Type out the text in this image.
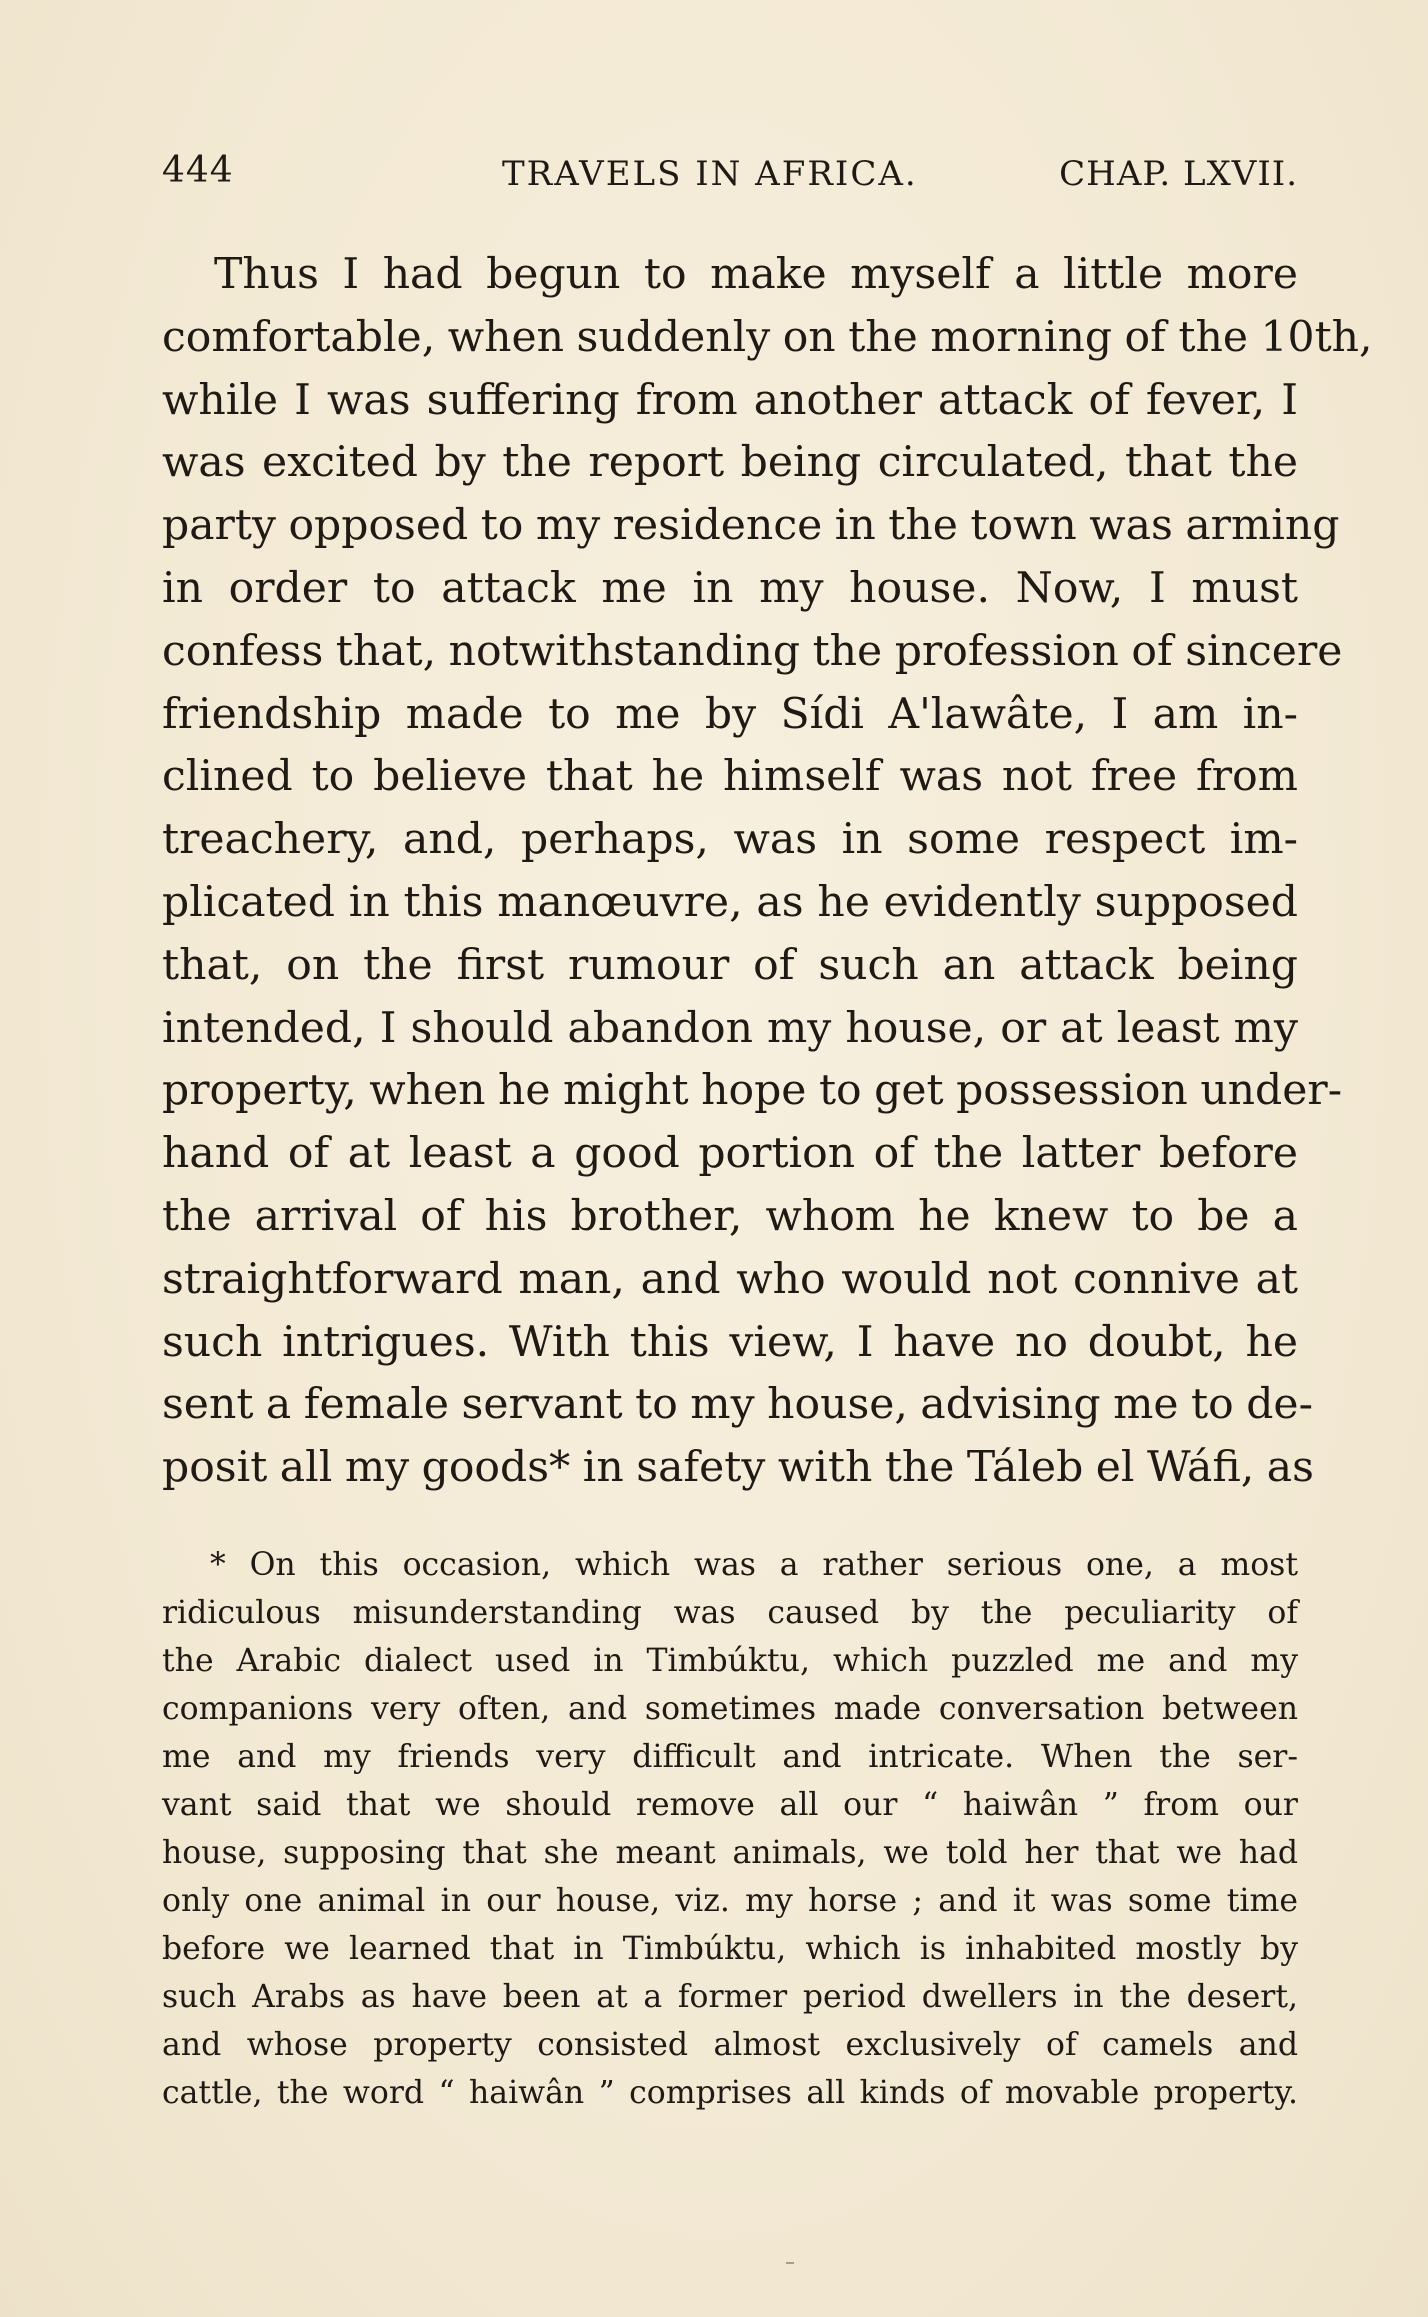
444	TRAVELS IN AFRICA.	CHAP. LXVII.
Thus I had begun to make myself a little more
comfortable, when suddenly on the morning of the 10th,
while I was suffering from another attack of fever, I
was excited by the report being circulated, that the
party opposed to my residence in the town was arming
in order to attack me in my house. Now, I must
confess that, notwithstanding the profession of sincere
friendship made to me by Sídi A'lawâte, I am in-
clined to believe that he himself was not free from
treachery, and, perhaps, was in some respect im-
plicated in this manœuvre, as he evidently supposed
that, on the first rumour of such an attack being
intended, I should abandon my house, or at least my
property, when he might hope to get possession under-
hand of at least a good portion of the latter before
the arrival of his brother, whom he knew to be a
straightforward man, and who would not connive at
such intrigues. With this view, I have no doubt, he
sent a female servant to my house, advising me to de-
posit all my goods* in safety with the Táleb el Wáfi, as
* On this occasion, which was a rather serious one, a most
ridiculous misunderstanding was caused by the peculiarity of
the Arabic dialect used in Timbúktu, which puzzled me and my
companions very often, and sometimes made conversation between
me and my friends very difficult and intricate. When the ser-
vant said that we should remove all our “ haiwân ” from our
house, supposing that she meant animals, we told her that we had
only one animal in our house, viz. my horse ; and it was some time
before we learned that in Timbúktu, which is inhabited mostly by
such Arabs as have been at a former period dwellers in the desert,
and whose property consisted almost exclusively of camels and
cattle, the word “ haiwân ” comprises all kinds of movable property.
